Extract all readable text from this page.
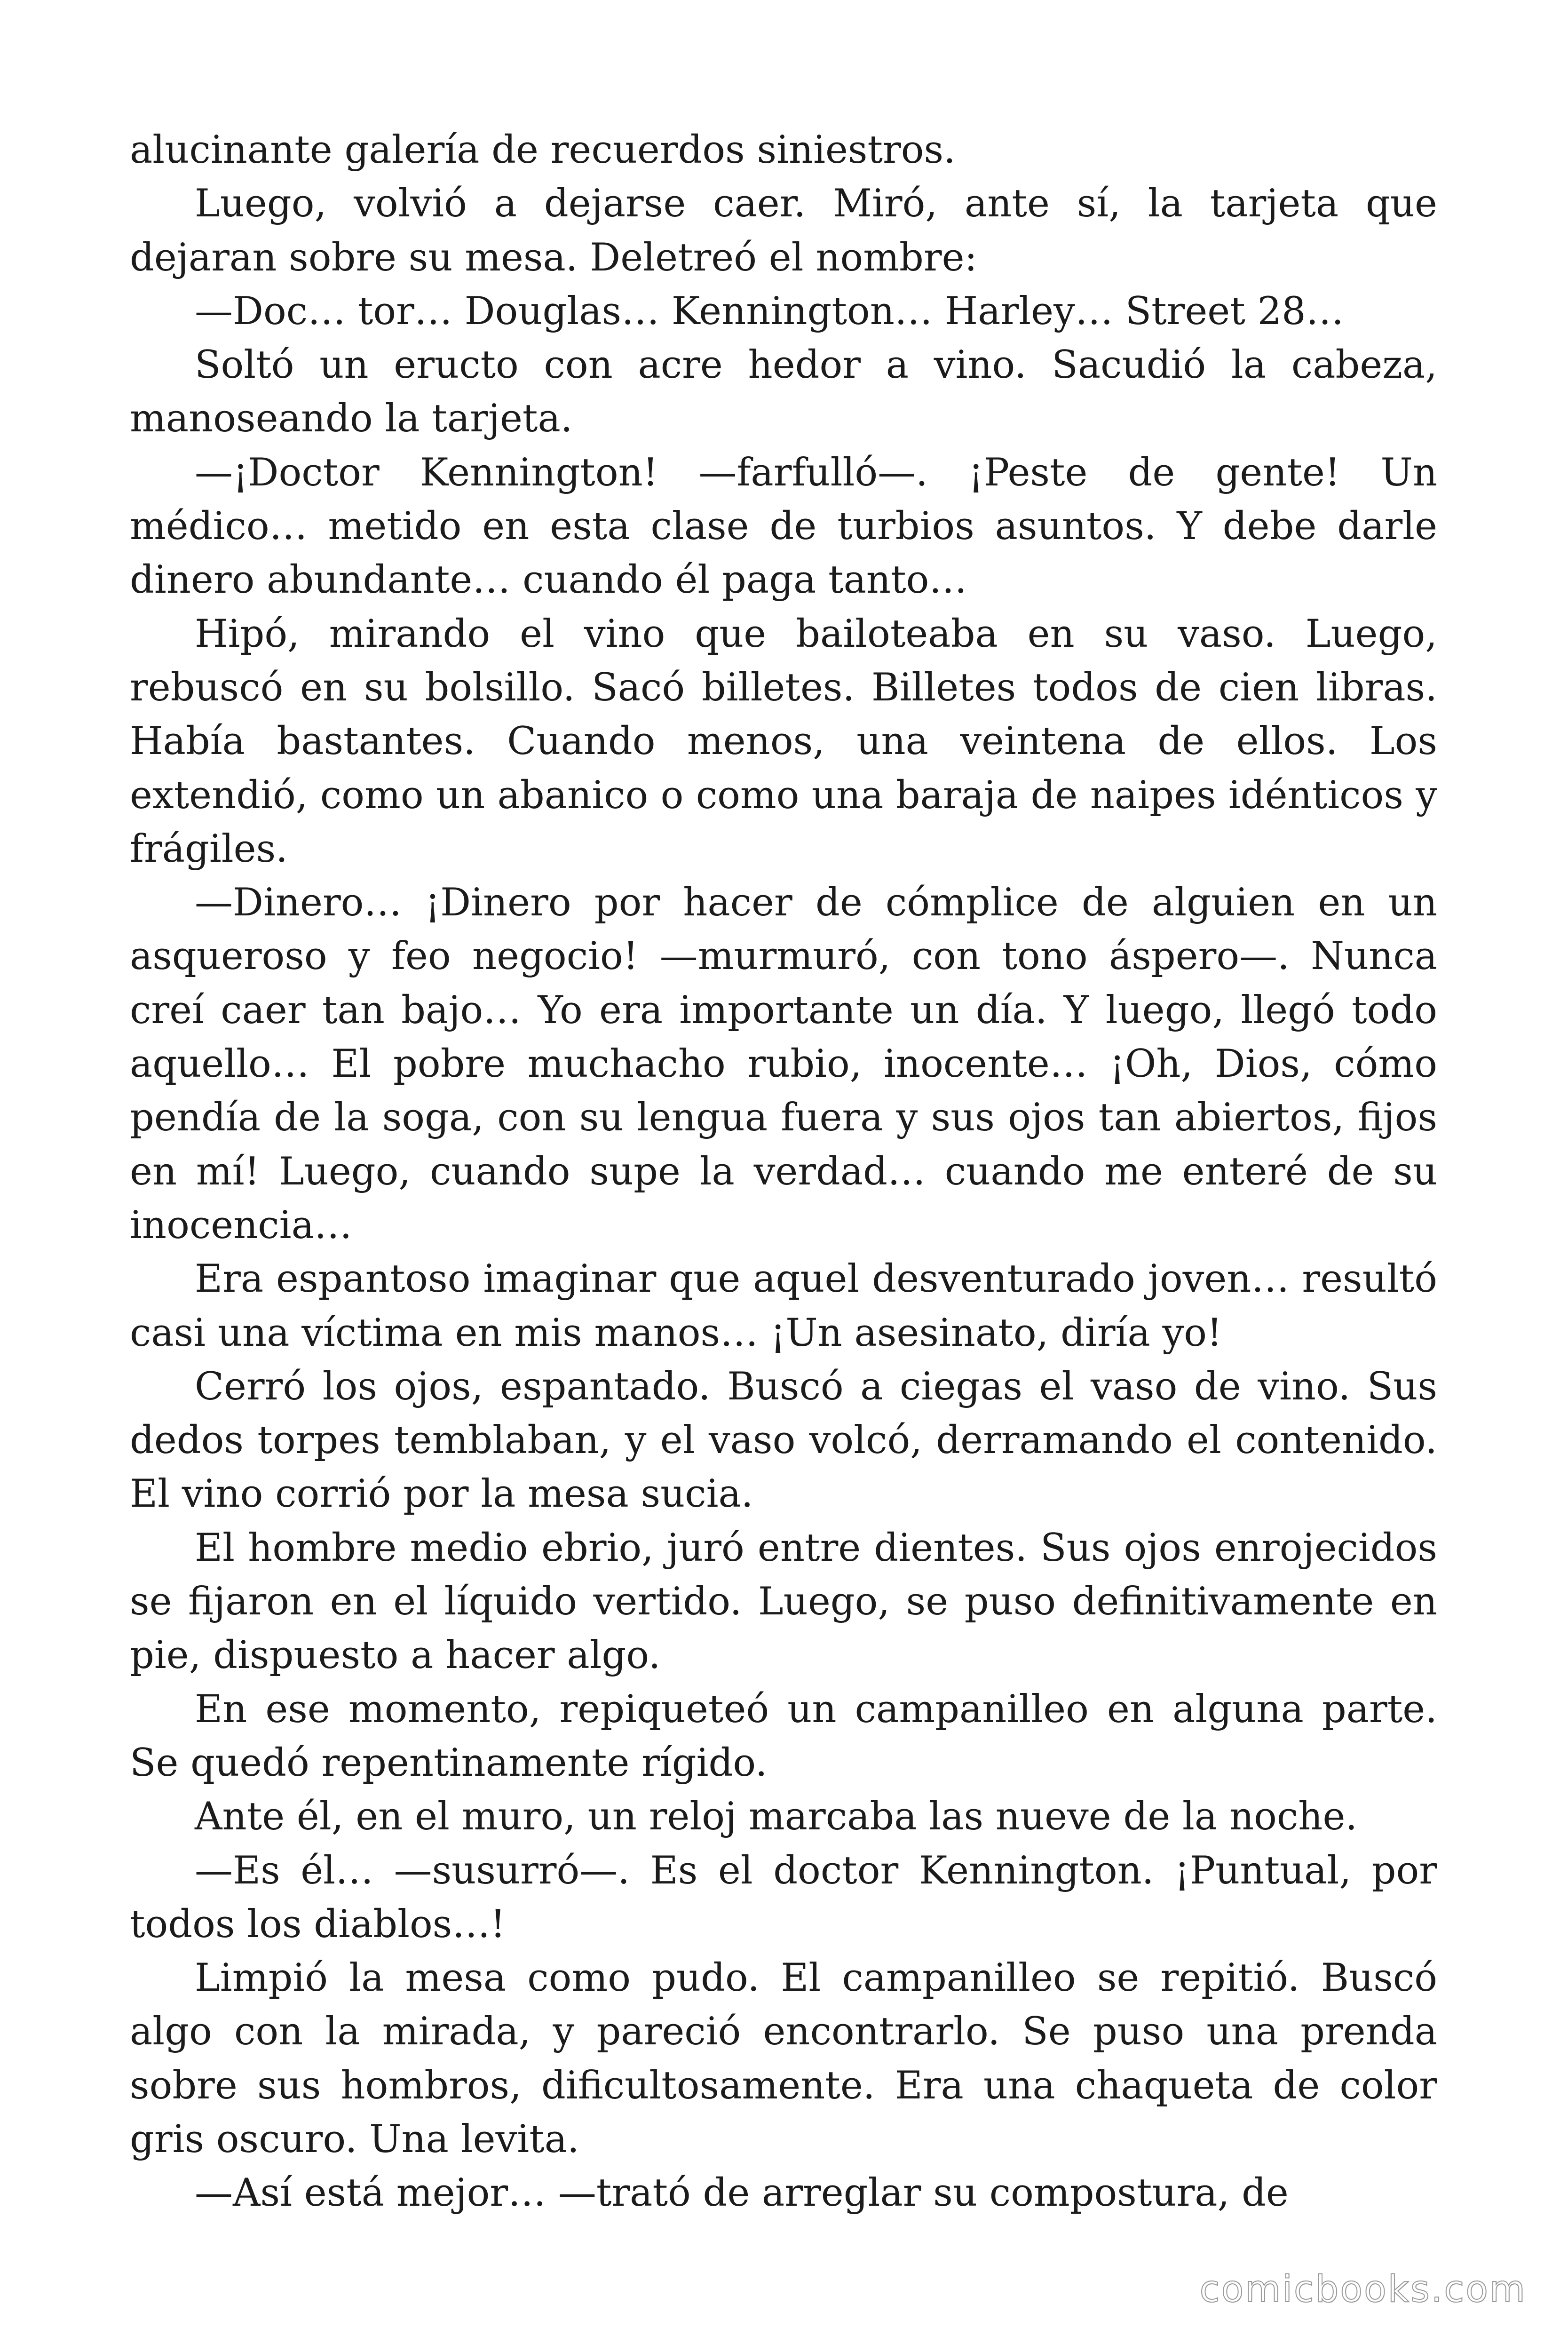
alucinante galería de recuerdos siniestros.

Luego, volvió a dejarse caer. Miró, ante sí, la tarjeta que dejaran sobre su mesa. Deletreó el nombre:

—Doc… tor… Douglas… Kennington… Harley… Street 28…

Soltó un eructo con acre hedor a vino. Sacudió la cabeza, manoseando la tarjeta.

—¡Doctor Kennington! —farfulló—. ¡Peste de gente! Un médico… metido en esta clase de turbios asuntos. Y debe darle dinero abundante… cuando él paga tanto…

Hipó, mirando el vino que bailoteaba en su vaso. Luego, rebuscó en su bolsillo. Sacó billetes. Billetes todos de cien libras. Había bastantes. Cuando menos, una veintena de ellos. Los extendió, como un abanico o como una baraja de naipes idénticos y frágiles.

—Dinero… ¡Dinero por hacer de cómplice de alguien en un asqueroso y feo negocio! —murmuró, con tono áspero—. Nunca creí caer tan bajo… Yo era importante un día. Y luego, llegó todo aquello… El pobre muchacho rubio, inocente… ¡Oh, Dios, cómo pendía de la soga, con su lengua fuera y sus ojos tan abiertos, fijos en mí! Luego, cuando supe la verdad… cuando me enteré de su inocencia…

Era espantoso imaginar que aquel desventurado joven… resultó casi una víctima en mis manos… ¡Un asesinato, diría yo!

Cerró los ojos, espantado. Buscó a ciegas el vaso de vino. Sus dedos torpes temblaban, y el vaso volcó, derramando el contenido. El vino corrió por la mesa sucia.

El hombre medio ebrio, juró entre dientes. Sus ojos enrojecidos se fijaron en el líquido vertido. Luego, se puso definitivamente en pie, dispuesto a hacer algo.

En ese momento, repiqueteó un campanilleo en alguna parte. Se quedó repentinamente rígido.

Ante él, en el muro, un reloj marcaba las nueve de la noche.

—Es él… —susurró—. Es el doctor Kennington. ¡Puntual, por todos los diablos…!

Limpió la mesa como pudo. El campanilleo se repitió. Buscó algo con la mirada, y pareció encontrarlo. Se puso una prenda sobre sus hombros, dificultosamente. Era una chaqueta de color gris oscuro. Una levita.

—Así está mejor… —trató de arreglar su compostura, de

comicbooks.com
